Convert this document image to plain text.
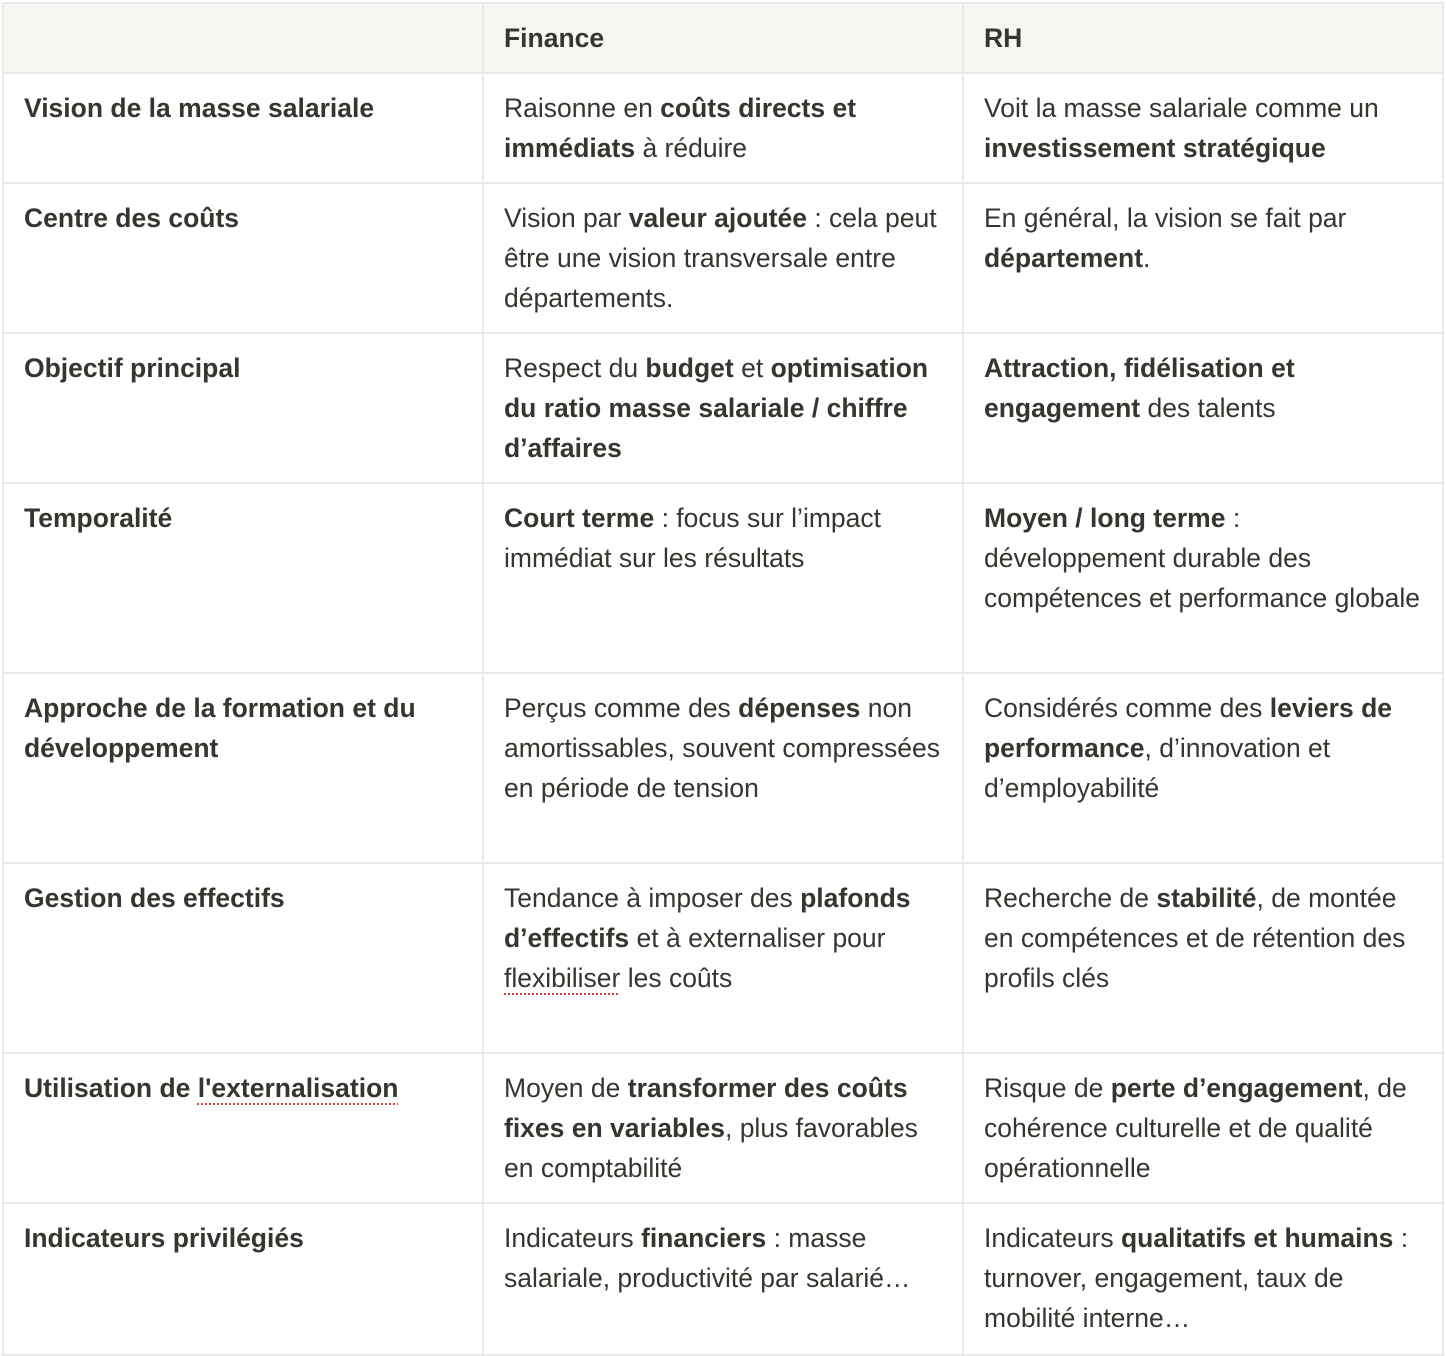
	Finance	RH
Vision de la masse salariale	Raisonne en coûts directs et immédiats à réduire	Voit la masse salariale comme un investissement stratégique
Centre des coûts	Vision par valeur ajoutée : cela peut être une vision transversale entre départements.	En général, la vision se fait par département.
Objectif principal	Respect du budget et optimisation du ratio masse salariale / chiffre d’affaires	Attraction, fidélisation et engagement des talents
Temporalité	Court terme : focus sur l’impact immédiat sur les résultats	Moyen / long terme : développement durable des compétences et performance globale
Approche de la formation et du développement	Perçus comme des dépenses non amortissables, souvent compressées en période de tension	Considérés comme des leviers de performance, d’innovation et d’employabilité
Gestion des effectifs	Tendance à imposer des plafonds d’effectifs et à externaliser pour flexibiliser les coûts	Recherche de stabilité, de montée en compétences et de rétention des profils clés
Utilisation de l'externalisation	Moyen de transformer des coûts fixes en variables, plus favorables en comptabilité	Risque de perte d’engagement, de cohérence culturelle et de qualité opérationnelle
Indicateurs privilégiés	Indicateurs financiers : masse salariale, productivité par salarié…	Indicateurs qualitatifs et humains : turnover, engagement, taux de mobilité interne…
